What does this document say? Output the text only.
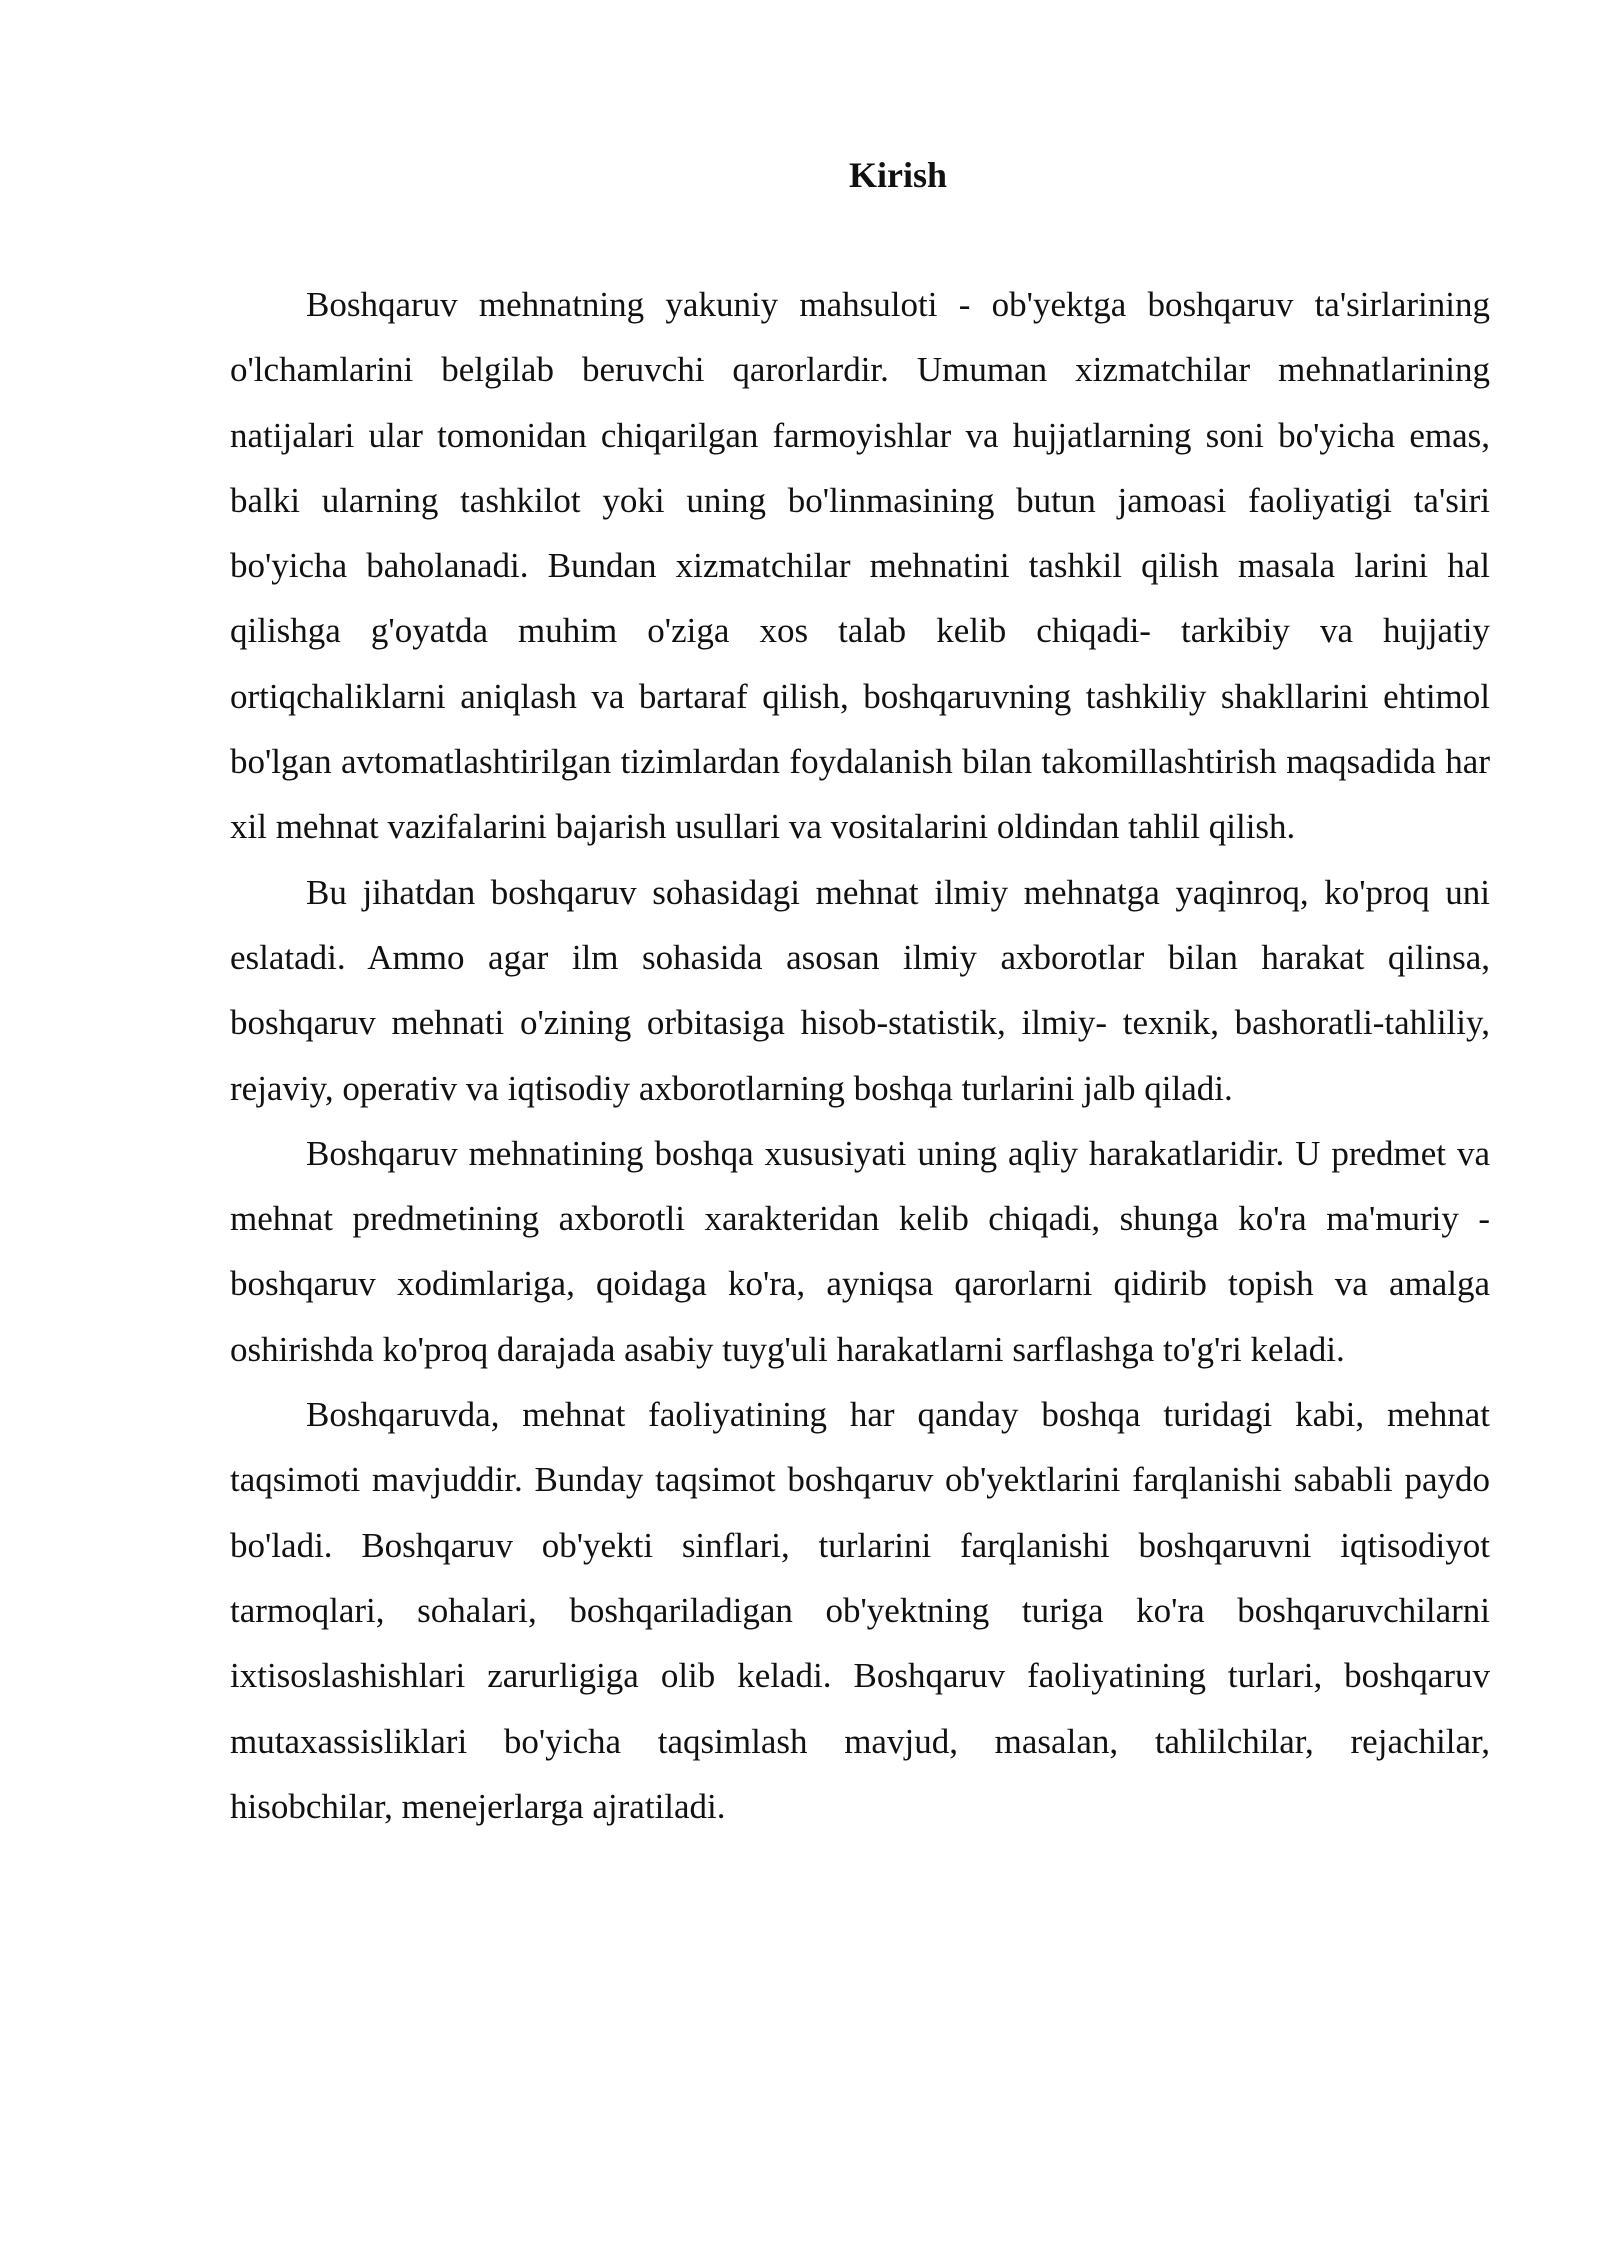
Kirish

Boshqaruv mehnatning yakuniy mahsuloti - ob'yektga boshqaruv ta'sirlarining o'lchamlarini belgilab beruvchi qarorlardir. Umuman xizmatchilar mehnatlarining natijalari ular tomonidan chiqarilgan farmoyishlar va hujjatlarning soni bo'yicha emas, balki ularning tashkilot yoki uning bo'linmasining butun jamoasi faoliyatigi ta'siri bo'yicha baholanadi. Bundan xizmatchilar mehnatini tashkil qilish masala larini hal qilishga g'oyatda muhim o'ziga xos talab kelib chiqadi- tarkibiy va hujjatiy ortiqchaliklarni aniqlash va bartaraf qilish, boshqaruvning tashkiliy shakllarini ehtimol bo'lgan avtomatlashtirilgan tizimlardan foydalanish bilan takomillashtirish maqsadida har xil mehnat vazifalarini bajarish usullari va vositalarini oldindan tahlil qilish.

Bu jihatdan boshqaruv sohasidagi mehnat ilmiy mehnatga yaqinroq, ko'proq uni eslatadi. Ammo agar ilm sohasida asosan ilmiy axborotlar bilan harakat qilinsa, boshqaruv mehnati o'zining orbitasiga hisob-statistik, ilmiy- texnik, bashoratli-tahliliy, rejaviy, operativ va iqtisodiy axborotlarning boshqa turlarini jalb qiladi.

Boshqaruv mehnatining boshqa xususiyati uning aqliy harakatlaridir. U predmet va mehnat predmetining axborotli xarakteridan kelib chiqadi, shunga ko'ra ma'muriy - boshqaruv xodimlariga, qoidaga ko'ra, ayniqsa qarorlarni qidirib topish va amalga oshirishda ko'proq darajada asabiy tuyg'uli harakatlarni sarflashga to'g'ri keladi.

Boshqaruvda, mehnat faoliyatining har qanday boshqa turidagi kabi, mehnat taqsimoti mavjuddir. Bunday taqsimot boshqaruv ob'yektlarini farqlanishi sababli paydo bo'ladi. Boshqaruv ob'yekti sinflari, turlarini farqlanishi boshqaruvni iqtisodiyot tarmoqlari, sohalari, boshqariladigan ob'yektning turiga ko'ra boshqaruvchilarni ixtisoslashishlari zarurligiga olib keladi. Boshqaruv faoliyatining turlari, boshqaruv mutaxassisliklari bo'yicha taqsimlash mavjud, masalan, tahlilchilar, rejachilar, hisobchilar, menejerlarga ajratiladi.
